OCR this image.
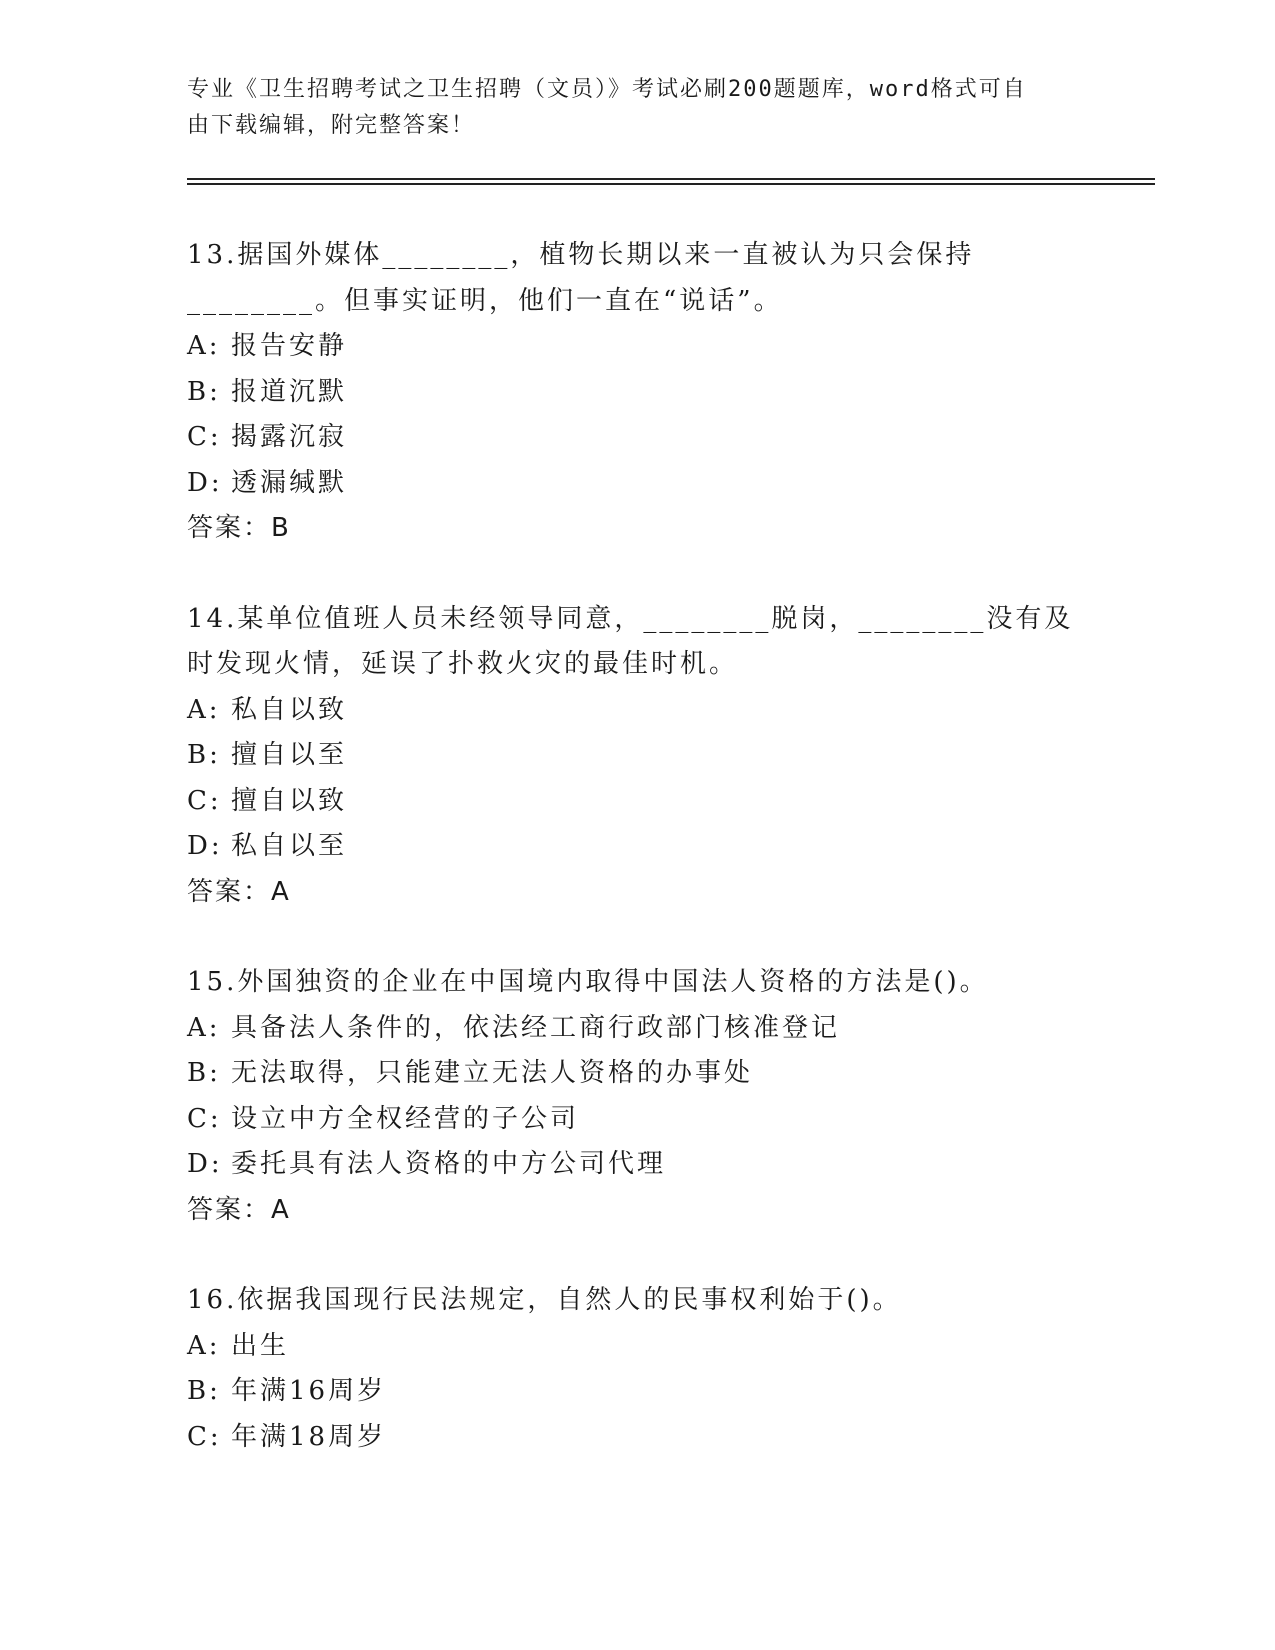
专业《卫生招聘考试之卫生招聘（文员）》考试必刷200题题库，word格式可自
由下载编辑，附完整答案！
13.据国外媒体________，植物长期以来一直被认为只会保持________。但事实证明，他们一直在“说话”。
A: 报告安静
B: 报道沉默
C: 揭露沉寂
D: 透漏缄默
答案：B
14.某单位值班人员未经领导同意，________脱岗，________没有及时发现火情，延误了扑救火灾的最佳时机。
A: 私自以致
B: 擅自以至
C: 擅自以致
D: 私自以至
答案：A
15.外国独资的企业在中国境内取得中国法人资格的方法是()。
A: 具备法人条件的，依法经工商行政部门核准登记
B: 无法取得，只能建立无法人资格的办事处
C: 设立中方全权经营的子公司
D: 委托具有法人资格的中方公司代理
答案：A
16.依据我国现行民法规定，自然人的民事权利始于()。
A: 出生
B: 年满16周岁
C: 年满18周岁
